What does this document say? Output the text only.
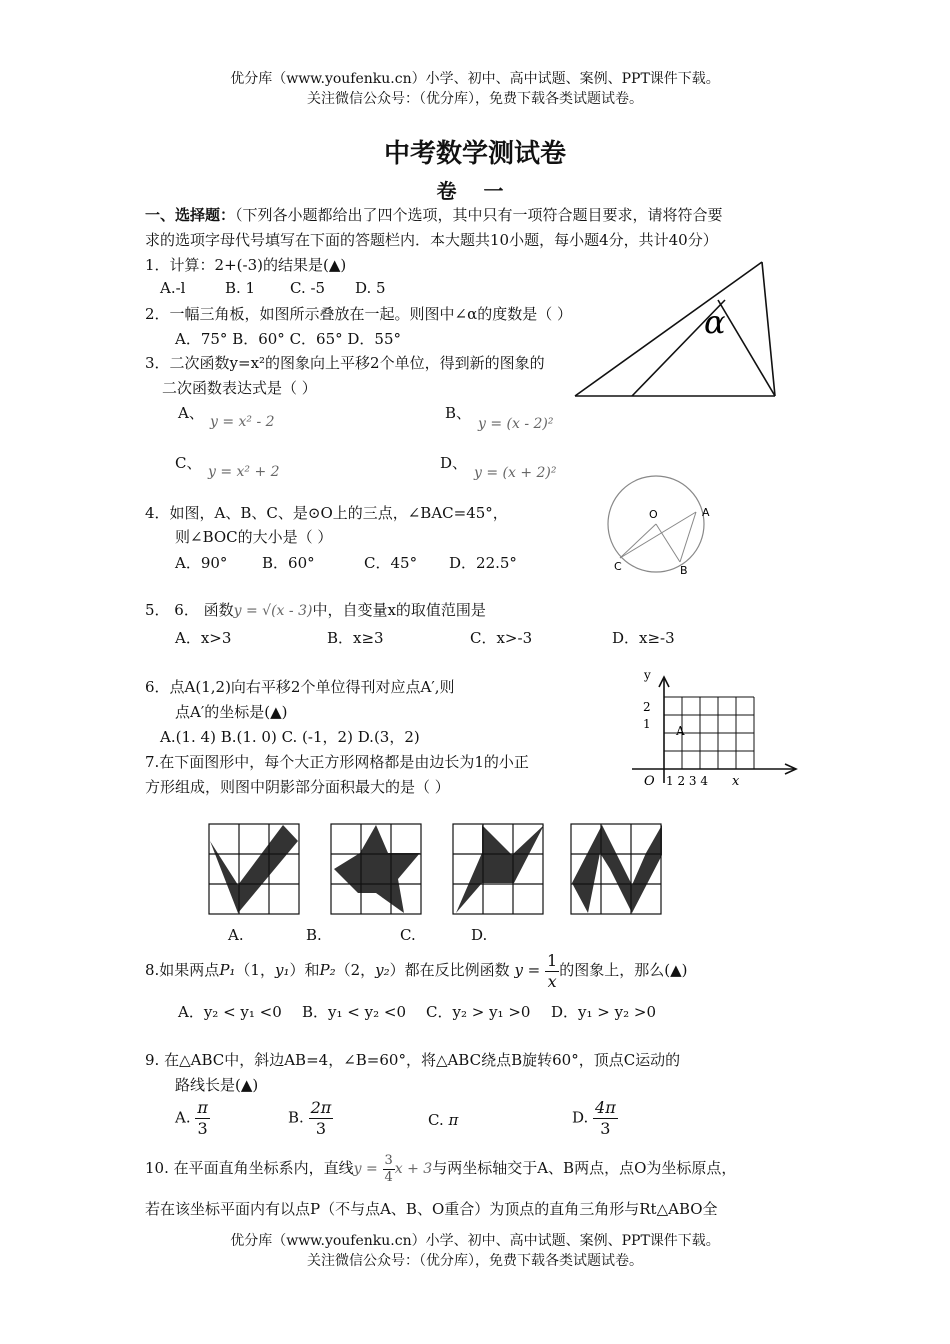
优分库（www.youfenku.cn）小学、初中、高中试题、案例、PPT课件下载。
关注微信公众号：（优分库），免费下载各类试题试卷。
中考数学测试卷
卷 一
一、选择题：（下列各小题都给出了四个选项，其中只有一项符合题目要求，请将符合要
求的选项字母代号填写在下面的答题栏内．本大题共10小题，每小题4分，共计40分）
1．计算：2+(-3)的结果是(▲)
A.-l	B. 1 C. -5 D. 5
2．一幅三角板，如图所示叠放在一起。则图中∠α的度数是（ ）
A．75° B．60° C．65° D．55°	α
3．二次函数y=x²的图象向上平移2个单位，得到新的图象的
二次函数表达式是（ ）
A、 y = x² - 2	B、
y = (x - 2)²
C、 y = x² + 2	D、
y = (x + 2)²
4．如图，A、B、C、是⊙O上的三点，∠BAC=45°，
则∠BOC的大小是（ ）
A．90° B．60°	C．45° D．22.5°
O	A
B
C
5． 6． 函数y = √(x - 3)中，自变量x的取值范围是
A．x>3	B．x≥3	C．x>-3	D．x≥-3
6．点A(1,2)向右平移2个单位得刊对应点A′,则
点A′的坐标是(▲)
A.(1. 4) B.(1. 0) C. (-1，2) D.(3，2)
y
2
1 A
O 1 2 3 4 x
7.在下面图形中，每个大正方形网格都是由边长为1的小正
方形组成，则图中阴影部分面积最大的是（ ）
A.	B.	C.	D.
8.如果两点P₁（1，y₁）和P₂（2，y₂）都在反比例函数 $y = \frac{1}{x}$ 的图象上，那么(▲)
A．y₂ < y₁ <0 B．y₁ < y₂ <0 C．y₂ > y₁ >0 D．y₁ > y₂ >0
9. 在△ABC中，斜边AB=4，∠B=60°，将△ABC绕点B旋转60°，顶点C运动的
路线长是(▲)
A. $\frac{\pi}{3}$	B. $\frac{2\pi}{3}$	C. π	D. $\frac{4\pi}{3}$
10. 在平面直角坐标系内，直线$y = \frac{3}{4}$ x + 3与两坐标轴交于A、B两点，点O为坐标原点，
若在该坐标平面内有以点P（不与点A、B、O重合）为顶点的直角三角形与Rt△ABO全
优分库（www.youfenku.cn）小学、初中、高中试题、案例、PPT课件下载。
关注微信公众号：（优分库），免费下载各类试题试卷。
